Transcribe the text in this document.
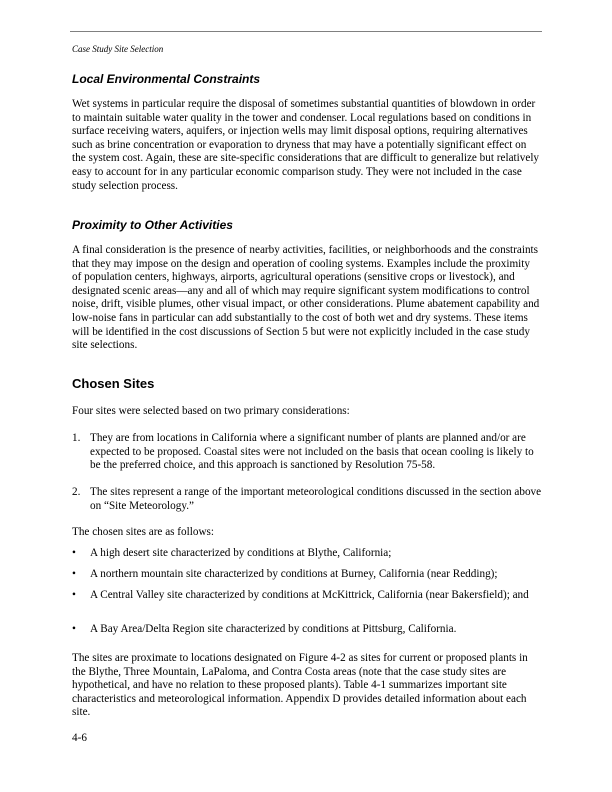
Case Study Site Selection
Local Environmental Constraints

Wet systems in particular require the disposal of sometimes substantial quantities of blowdown in order to maintain suitable water quality in the tower and condenser. Local regulations based on conditions in surface receiving waters, aquifers, or injection wells may limit disposal options, requiring alternatives such as brine concentration or evaporation to dryness that may have a potentially significant effect on the system cost. Again, these are site-specific considerations that are difficult to generalize but relatively easy to account for in any particular economic comparison study. They were not included in the case study selection process.

Proximity to Other Activities

A final consideration is the presence of nearby activities, facilities, or neighborhoods and the constraints that they may impose on the design and operation of cooling systems. Examples include the proximity of population centers, highways, airports, agricultural operations (sensitive crops or livestock), and designated scenic areas—any and all of which may require significant system modifications to control noise, drift, visible plumes, other visual impact, or other considerations. Plume abatement capability and low-noise fans in particular can add substantially to the cost of both wet and dry systems. These items will be identified in the cost discussions of Section 5 but were not explicitly included in the case study site selections.

Chosen Sites

Four sites were selected based on two primary considerations:

1. They are from locations in California where a significant number of plants are planned and/or are expected to be proposed. Coastal sites were not included on the basis that ocean cooling is likely to be the preferred choice, and this approach is sanctioned by Resolution 75-58.
2. The sites represent a range of the important meteorological conditions discussed in the section above on “Site Meteorology.”

The chosen sites are as follows:

•	A high desert site characterized by conditions at Blythe, California;
•	A northern mountain site characterized by conditions at Burney, California (near Redding);
•	A Central Valley site characterized by conditions at McKittrick, California (near Bakersfield); and
•	A Bay Area/Delta Region site characterized by conditions at Pittsburg, California.

The sites are proximate to locations designated on Figure 4-2 as sites for current or proposed plants in the Blythe, Three Mountain, LaPaloma, and Contra Costa areas (note that the case study sites are hypothetical, and have no relation to these proposed plants). Table 4-1 summarizes important site characteristics and meteorological information. Appendix D provides detailed information about each site.

4-6
